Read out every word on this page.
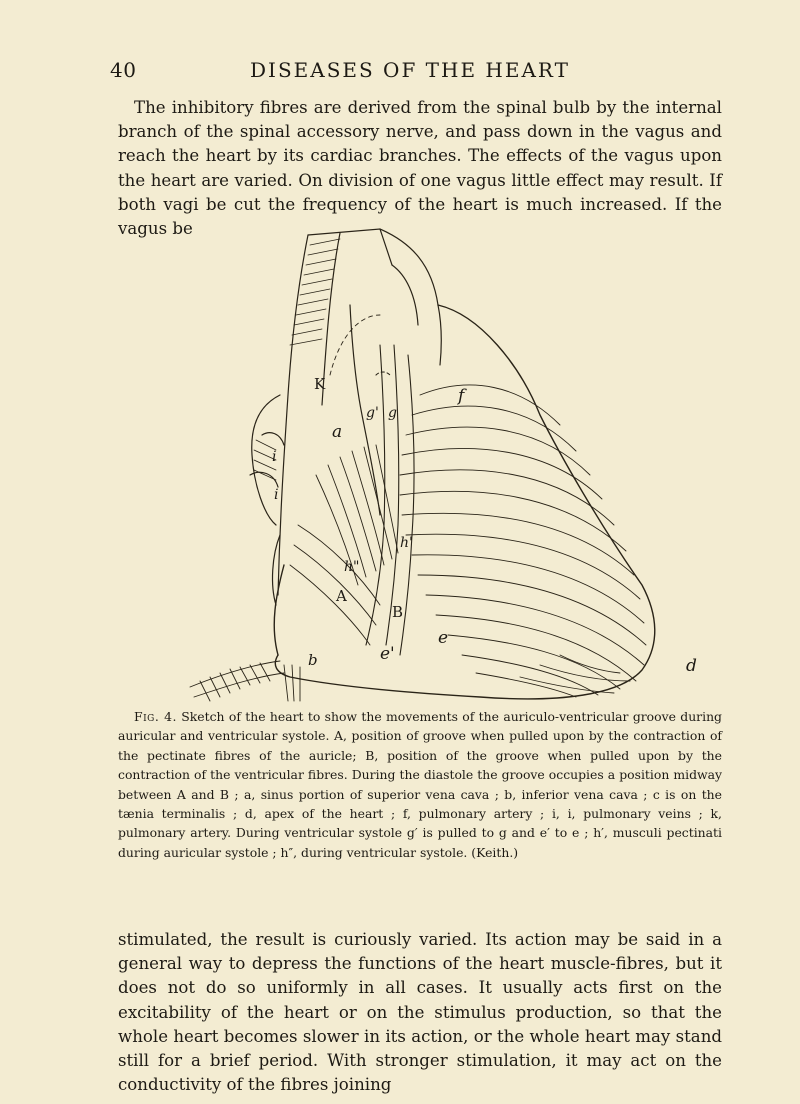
40	DISEASES OF THE HEART

The inhibitory fibres are derived from the spinal bulb by the internal branch of the spinal accessory nerve, and pass down in the vagus and reach the heart by its cardiac branches. The effects of the vagus upon the heart are varied. On division of one vagus little effect may result. If both vagi be cut the frequency of the heart is much increased. If the vagus be

K
f
g' g
a
i
i
h'
h"
A
B
e
e'
b	d

Fig. 4. Sketch of the heart to show the movements of the auriculo-ventricular groove during auricular and ventricular systole. A, position of groove when pulled upon by the contraction of the pectinate fibres of the auricle; B, position of the groove when pulled upon by the contraction of the ventricular fibres. During the diastole the groove occupies a position midway between A and B ; a, sinus portion of superior vena cava ; b, inferior vena cava ; c is on the tænia terminalis ; d, apex of the heart ; f, pulmonary artery ; i, i, pulmonary veins ; k, pulmonary artery. During ventricular systole g′ is pulled to g and e′ to e ; h′, musculi pectinati during auricular systole ; h″, during ventricular systole. (Keith.)

stimulated, the result is curiously varied. Its action may be said in a general way to depress the functions of the heart muscle-fibres, but it does not do so uniformly in all cases. It usually acts first on the excitability of the heart or on the stimulus production, so that the whole heart becomes slower in its action, or the whole heart may stand still for a brief period. With stronger stimulation, it may act on the conductivity of the fibres joining
